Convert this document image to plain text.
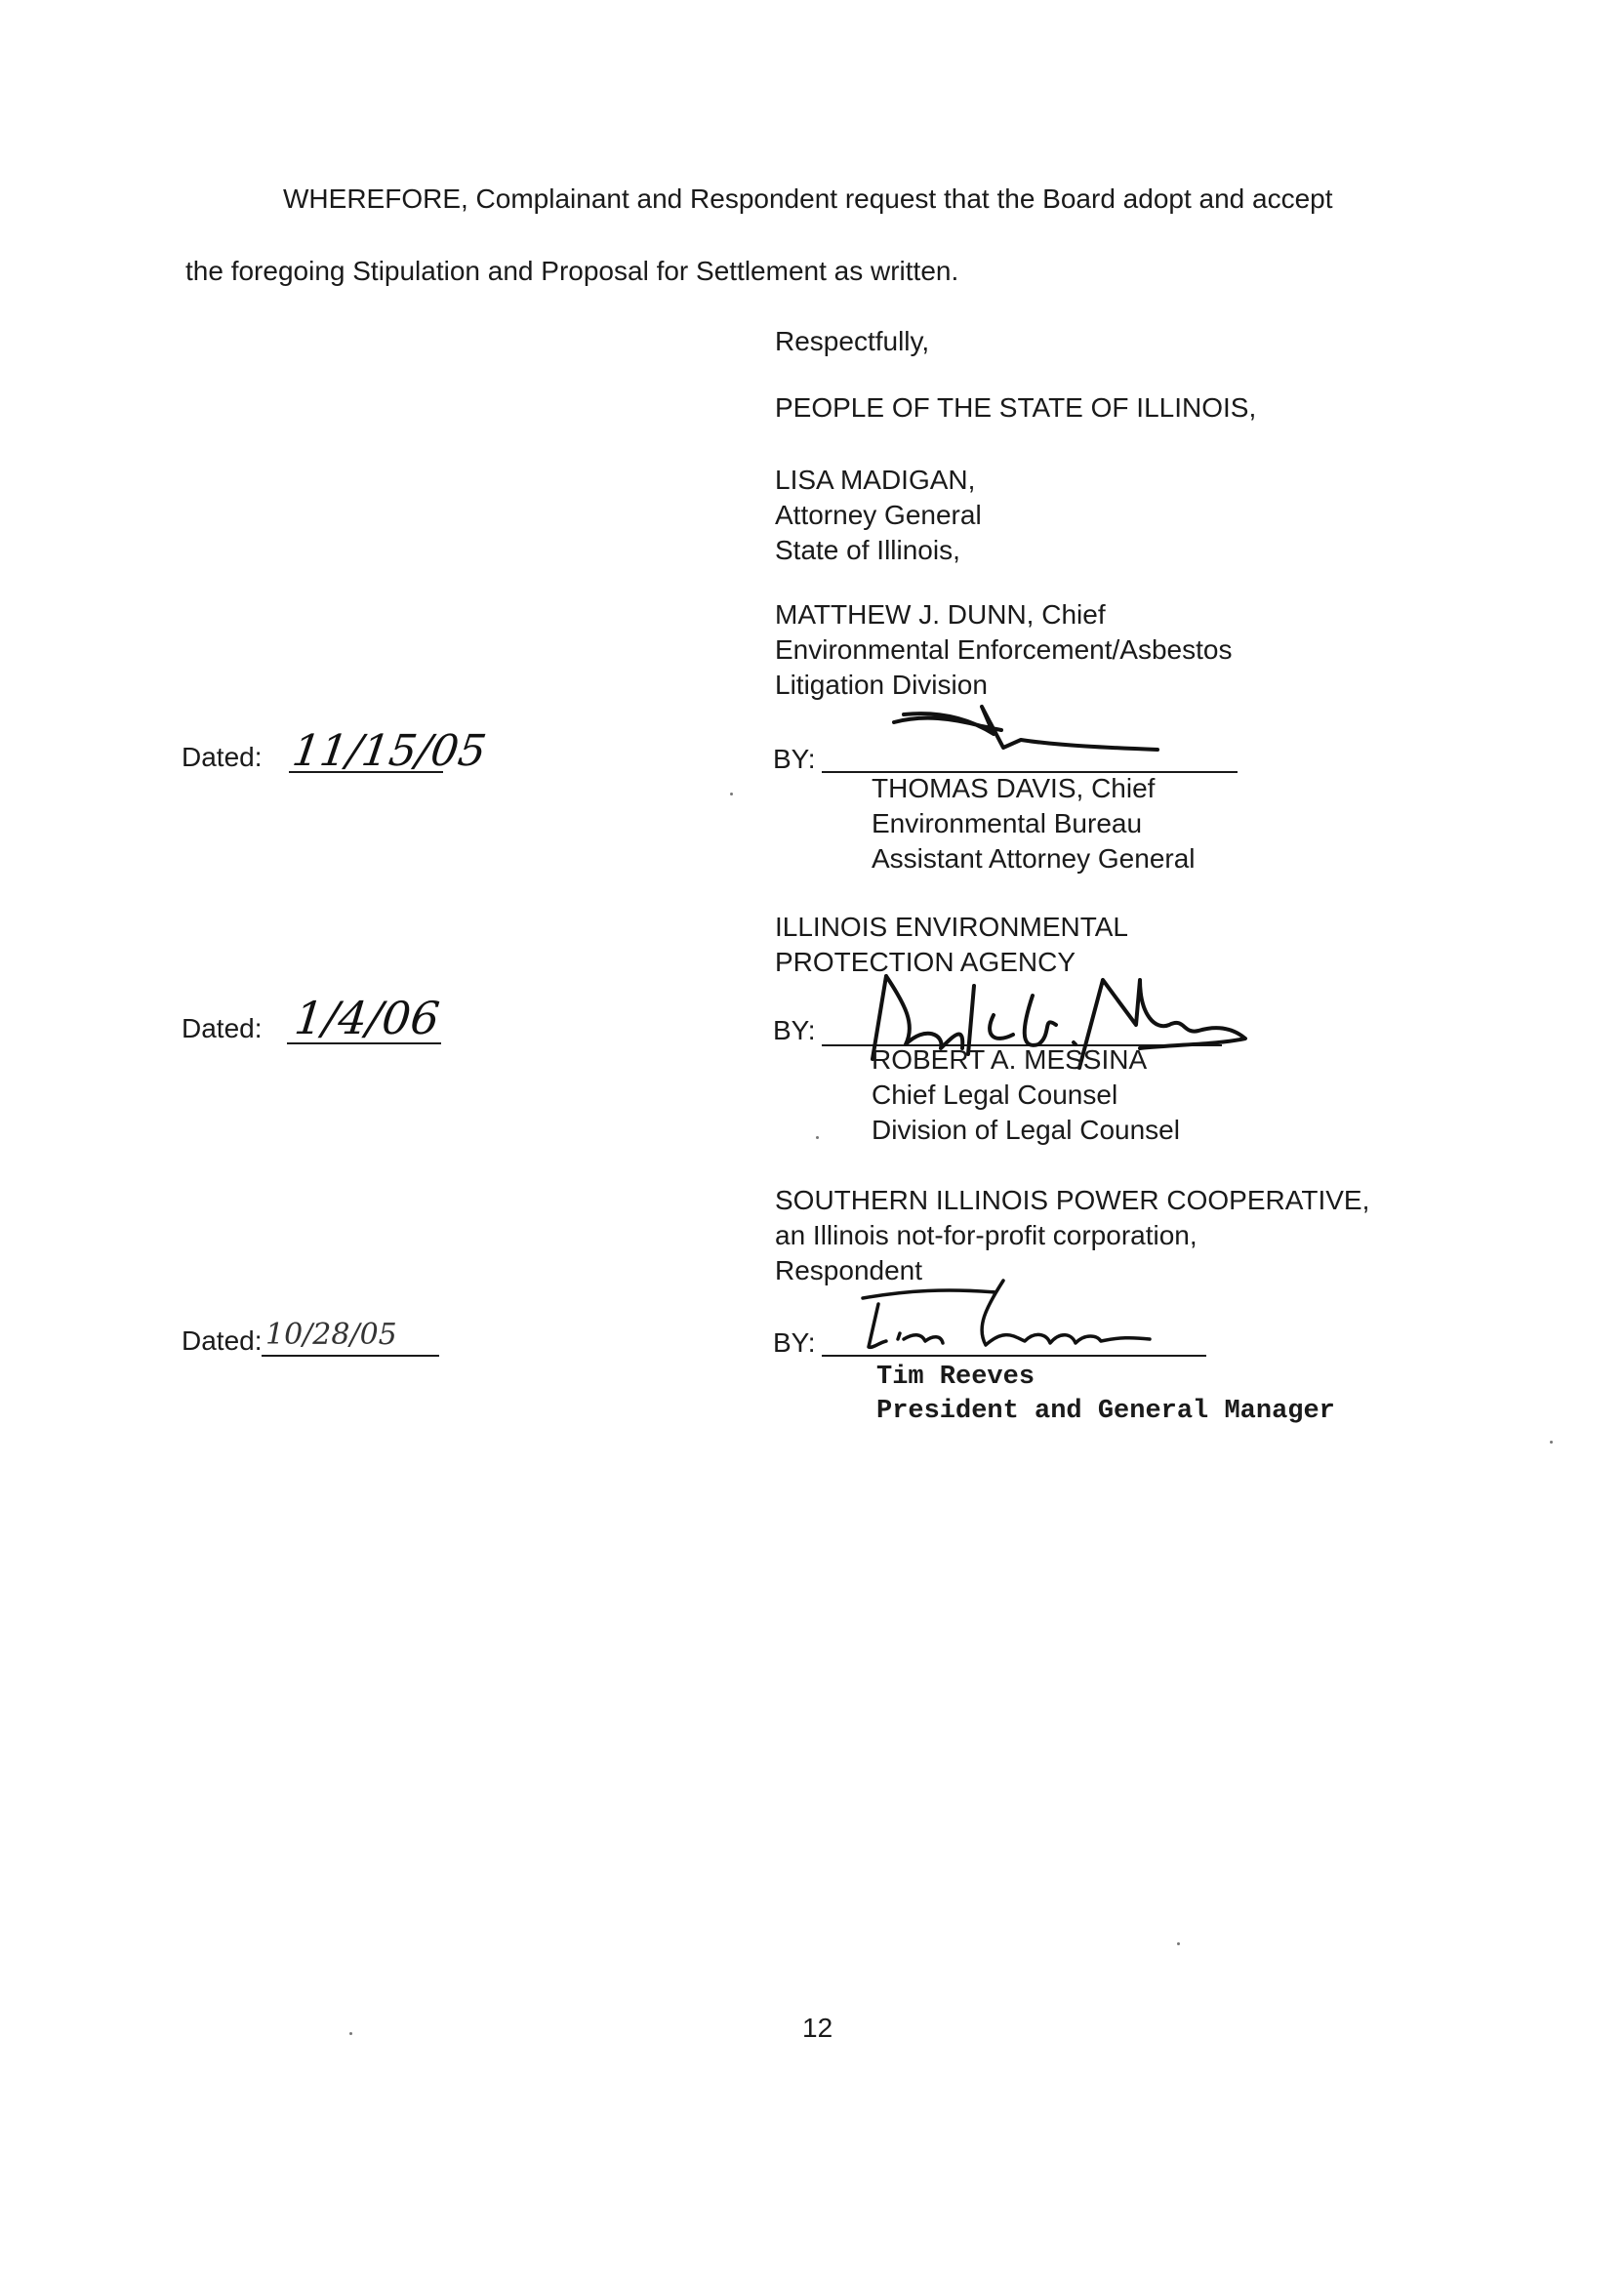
WHEREFORE, Complainant and Respondent request that the Board adopt and accept
the foregoing Stipulation and Proposal for Settlement as written.
Respectfully,
PEOPLE OF THE STATE OF ILLINOIS,
LISA MADIGAN,
Attorney General
State of Illinois,
MATTHEW J. DUNN, Chief
Environmental Enforcement/Asbestos
Litigation Division
Dated: 11/15/05	BY:
THOMAS DAVIS, Chief
Environmental Bureau
Assistant Attorney General
ILLINOIS ENVIRONMENTAL
PROTECTION AGENCY
Dated: 1/4/06	BY:
ROBERT A. MESSINA
Chief Legal Counsel
Division of Legal Counsel
SOUTHERN ILLINOIS POWER COOPERATIVE,
an Illinois not-for-profit corporation,
Respondent
Dated: 10/28/05	BY:
Tim Reeves
President and General Manager
12
